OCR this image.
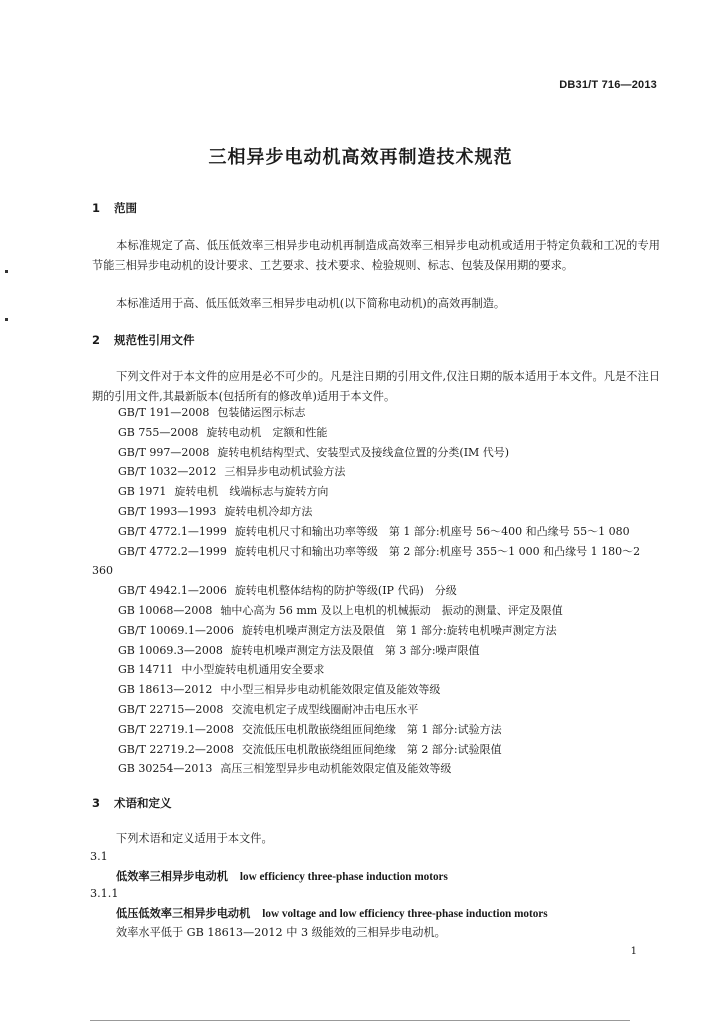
DB31/T 716—2013
三相异步电动机高效再制造技术规范
1 范围
本标准规定了高、低压低效率三相异步电动机再制造成高效率三相异步电动机或适用于特定负载和工况的专用节能三相异步电动机的设计要求、工艺要求、技术要求、检验规则、标志、包装及保用期的要求。
本标准适用于高、低压低效率三相异步电动机(以下简称电动机)的高效再制造。
2 规范性引用文件
下列文件对于本文件的应用是必不可少的。凡是注日期的引用文件,仅注日期的版本适用于本文件。凡是不注日期的引用文件,其最新版本(包括所有的修改单)适用于本文件。

GB/T 191—2008 包装储运图示标志

GB 755—2008 旋转电动机　定额和性能

GB/T 997—2008 旋转电机结构型式、安装型式及接线盒位置的分类(IM 代号)

GB/T 1032—2012 三相异步电动机试验方法

GB 1971 旋转电机　线端标志与旋转方向

GB/T 1993—1993 旋转电机冷却方法

GB/T 4772.1—1999 旋转电机尺寸和输出功率等级　第 1 部分:机座号 56～400 和凸缘号 55～1 080

GB/T 4772.2—1999 旋转电机尺寸和输出功率等级　第 2 部分:机座号 355～1 000 和凸缘号 1 180～2 360

GB/T 4942.1—2006 旋转电机整体结构的防护等级(IP 代码)　分级

GB 10068—2008 轴中心高为 56 mm 及以上电机的机械振动　振动的测量、评定及限值

GB/T 10069.1—2006 旋转电机噪声测定方法及限值　第 1 部分:旋转电机噪声测定方法

GB 10069.3—2008 旋转电机噪声测定方法及限值　第 3 部分:噪声限值

GB 14711 中小型旋转电机通用安全要求

GB 18613—2012 中小型三相异步电动机能效限定值及能效等级

GB/T 22715—2008 交流电机定子成型线圈耐冲击电压水平

GB/T 22719.1—2008 交流低压电机散嵌绕组匝间绝缘　第 1 部分:试验方法

GB/T 22719.2—2008 交流低压电机散嵌绕组匝间绝缘　第 2 部分:试验限值

GB 30254—2013 高压三相笼型异步电动机能效限定值及能效等级

3 术语和定义
下列术语和定义适用于本文件。
3.1
低效率三相异步电动机 low efficiency three-phase induction motors
3.1.1
低压低效率三相异步电动机 low voltage and low efficiency three-phase induction motors
效率水平低于 GB 18613—2012 中 3 级能效的三相异步电动机。
1
